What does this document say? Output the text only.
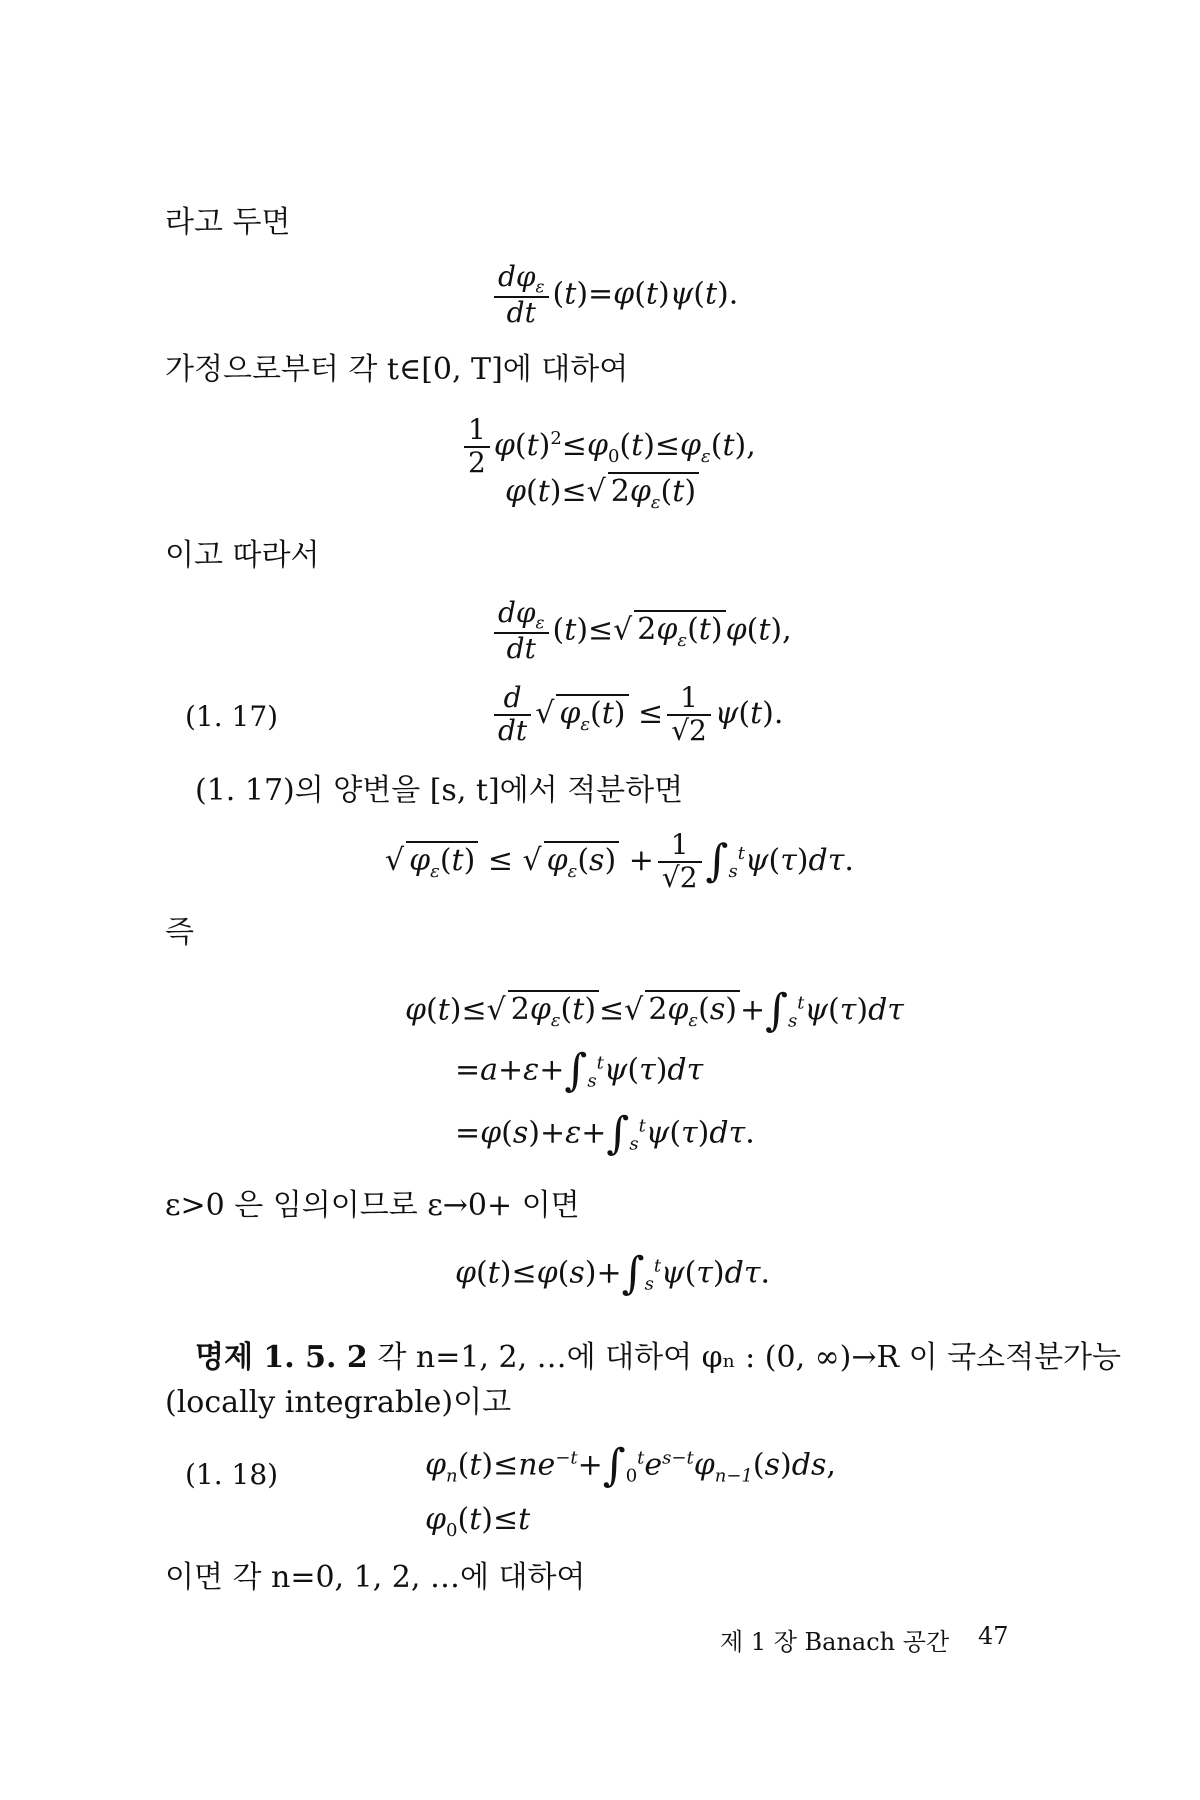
라고 두면
$\frac{d\varphi_\varepsilon}{dt} (t)=\varphi(t)\psi(t)$.
가정으로부터 각 t∈[0, T]에 대하여
$\frac{1}{2} \varphi(t)^2\le\varphi_0(t)\le\varphi_\varepsilon(t)$,
φ(t)≤√ $2\varphi_\varepsilon(t)$
이고 따라서
$\frac{d\varphi_\varepsilon}{dt} (t)\le√$ $2\varphi_\varepsilon(t)$ φ(t),
(1. 17)	$\frac{d}{dt}$ √ $\varphi_\varepsilon(t) \le \frac{1}{√2} \psi(t)$.
(1. 17)의 양변을 [s, t]에서 적분하면
√ $\varphi_\varepsilon(t)$ ≤ √ $\varphi_\varepsilon(s) + \frac{1}{√2} \int_s^t\psi(\tau)d\tau$.
즉
φ(t)≤√ $2\varphi_\varepsilon(t)$ ≤√ $2\varphi_\varepsilon(s) +\int_s^t\psi(\tau)d\tau$
$=a+\varepsilon+\int_s^t\psi(\tau)d\tau$
$=\varphi(s)+\varepsilon+\int_s^t\psi(\tau)d\tau$.
ε>0 은 임의이므로 ε→0+ 이면
$\varphi(t)\le\varphi(s)+\int_s^t\psi(\tau)d\tau$.
명제 1. 5. 2 각 n=1, 2, …에 대하여 φₙ : (0, ∞)→R 이 국소적분가능
(locally integrable)이고
(1. 18)	$\varphi_n(t)\le ne^{-t}+\int_0^te^{s-t}\varphi_{n-1}(s)ds$,
$\varphi_0(t)\le t$
이면 각 n=0, 1, 2, …에 대하여
제 1 장 Banach 공간 47
